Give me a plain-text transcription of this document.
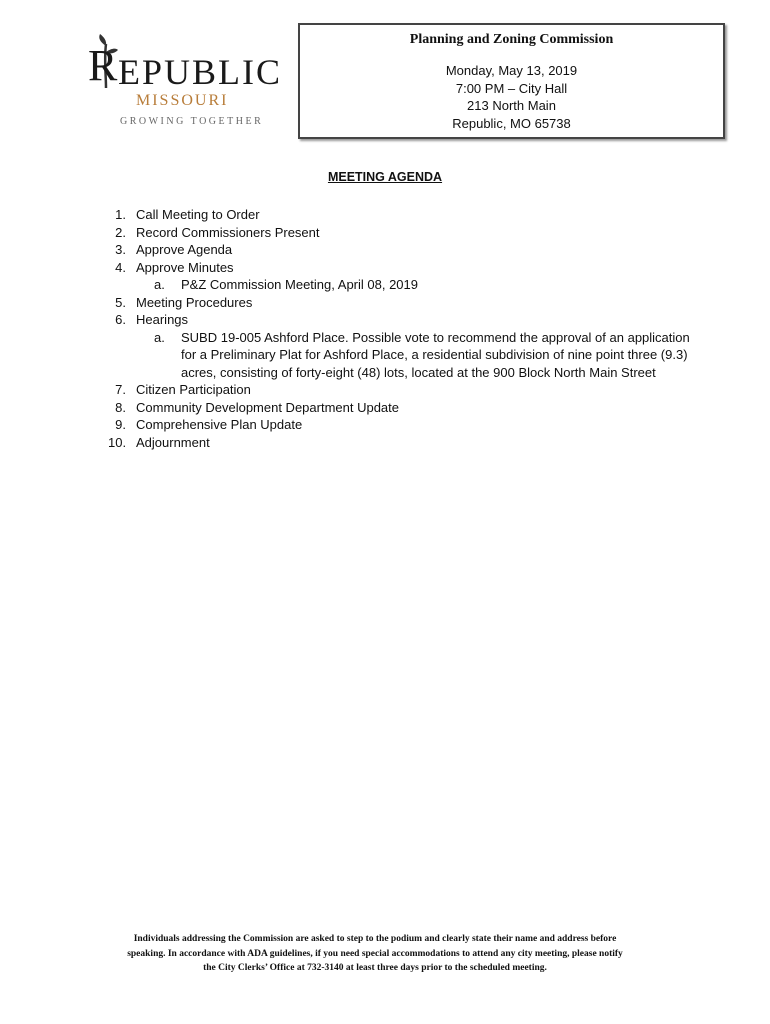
R EPUBLIC
MISSOURI
GROWING TOGETHER
Planning and Zoning Commission
Monday, May 13, 2019
7:00 PM – City Hall
213 North Main
Republic, MO 65738
MEETING AGENDA
1. Call Meeting to Order
2. Record Commissioners Present
3. Approve Agenda
4. Approve Minutes
a.	P&Z Commission Meeting, April 08, 2019
5. Meeting Procedures
6. Hearings
a.	SUBD 19-005 Ashford Place. Possible vote to recommend the approval of an application for a Preliminary Plat for Ashford Place, a residential subdivision of nine point three (9.3) acres, consisting of forty-eight (48) lots, located at the 900 Block North Main Street
7. Citizen Participation
8. Community Development Department Update
9. Comprehensive Plan Update
10. Adjournment
Individuals addressing the Commission are asked to step to the podium and clearly state their name and address before
speaking. In accordance with ADA guidelines, if you need special accommodations to attend any city meeting, please notify
the City Clerks’ Office at 732-3140 at least three days prior to the scheduled meeting.
